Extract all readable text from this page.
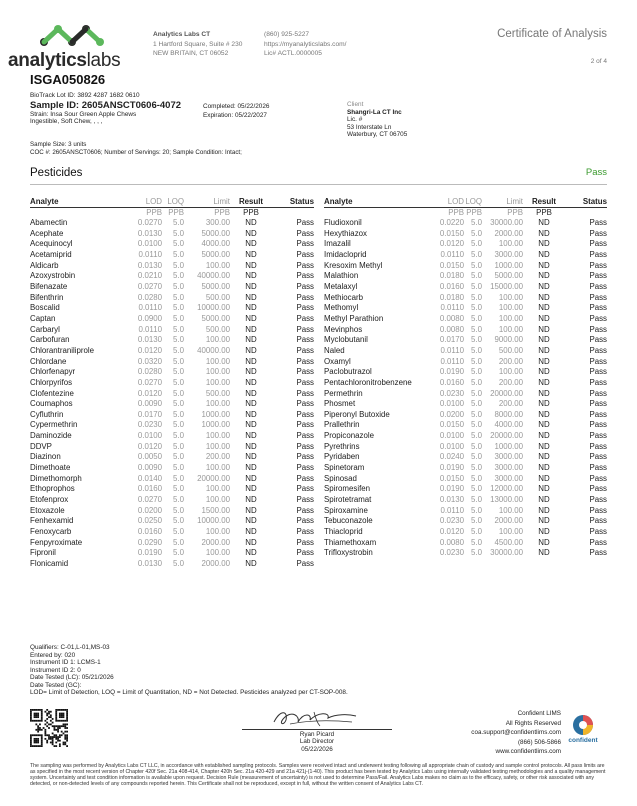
analyticslabs
Analytics Labs CT
1 Hartford Square, Suite # 230
NEW BRITAIN, CT 06052
(860) 925-5227
https://myanalyticslabs.com/
Lic# ACTL.0000005
Certificate of Analysis
2 of 4
ISGA050826
BioTrack Lot ID: 3892 4287 1682 0610
Sample ID: 2605ANSCT0606-4072
Strain: Insa Sour Green Apple Chews
Ingestible, Soft Chew, , , ,
Completed: 05/22/2026
Expiration: 05/22/2027
Client
Shangri-La CT Inc
Lic. #
53 Interstate Ln
Waterbury, CT 06705
Sample Size: 3 units
COC #: 2605ANSCT0606; Number of Servings: 20; Sample Condition: Intact;
Pesticides	Pass
Analyte	LOD	LOQ	Limit	Result	Status
	PPB	PPB	PPB	PPB	
Abamectin	0.0270	5.0	300.00	ND	Pass
Acephate	0.0130	5.0	5000.00	ND	Pass
Acequinocyl	0.0100	5.0	4000.00	ND	Pass
Acetamiprid	0.0110	5.0	5000.00	ND	Pass
Aldicarb	0.0130	5.0	100.00	ND	Pass
Azoxystrobin	0.0210	5.0	40000.00	ND	Pass
Bifenazate	0.0270	5.0	5000.00	ND	Pass
Bifenthrin	0.0280	5.0	500.00	ND	Pass
Boscalid	0.0110	5.0	10000.00	ND	Pass
Captan	0.0900	5.0	5000.00	ND	Pass
Carbaryl	0.0110	5.0	500.00	ND	Pass
Carbofuran	0.0130	5.0	100.00	ND	Pass
Chlorantraniliprole	0.0120	5.0	40000.00	ND	Pass
Chlordane	0.0320	5.0	100.00	ND	Pass
Chlorfenapyr	0.0280	5.0	100.00	ND	Pass
Chlorpyrifos	0.0270	5.0	100.00	ND	Pass
Clofentezine	0.0120	5.0	500.00	ND	Pass
Coumaphos	0.0090	5.0	100.00	ND	Pass
Cyfluthrin	0.0170	5.0	1000.00	ND	Pass
Cypermethrin	0.0230	5.0	1000.00	ND	Pass
Daminozide	0.0100	5.0	100.00	ND	Pass
DDVP	0.0120	5.0	100.00	ND	Pass
Diazinon	0.0050	5.0	200.00	ND	Pass
Dimethoate	0.0090	5.0	100.00	ND	Pass
Dimethomorph	0.0140	5.0	20000.00	ND	Pass
Ethoprophos	0.0160	5.0	100.00	ND	Pass
Etofenprox	0.0270	5.0	100.00	ND	Pass
Etoxazole	0.0200	5.0	1500.00	ND	Pass
Fenhexamid	0.0250	5.0	10000.00	ND	Pass
Fenoxycarb	0.0160	5.0	100.00	ND	Pass
Fenpyroximate	0.0290	5.0	2000.00	ND	Pass
Fipronil	0.0190	5.0	100.00	ND	Pass
Flonicamid	0.0130	5.0	2000.00	ND	Pass
Analyte	LOD	LOQ	Limit	Result	Status
	PPB	PPB	PPB	PPB	
Fludioxonil	0.0220	5.0	30000.00	ND	Pass
Hexythiazox	0.0150	5.0	2000.00	ND	Pass
Imazalil	0.0120	5.0	100.00	ND	Pass
Imidacloprid	0.0110	5.0	3000.00	ND	Pass
Kresoxim Methyl	0.0150	5.0	1000.00	ND	Pass
Malathion	0.0180	5.0	5000.00	ND	Pass
Metalaxyl	0.0160	5.0	15000.00	ND	Pass
Methiocarb	0.0180	5.0	100.00	ND	Pass
Methomyl	0.0110	5.0	100.00	ND	Pass
Methyl Parathion	0.0080	5.0	100.00	ND	Pass
Mevinphos	0.0080	5.0	100.00	ND	Pass
Myclobutanil	0.0170	5.0	9000.00	ND	Pass
Naled	0.0110	5.0	500.00	ND	Pass
Oxamyl	0.0110	5.0	200.00	ND	Pass
Paclobutrazol	0.0190	5.0	100.00	ND	Pass
Pentachloronitrobenzene	0.0160	5.0	200.00	ND	Pass
Permethrin	0.0230	5.0	20000.00	ND	Pass
Phosmet	0.0100	5.0	200.00	ND	Pass
Piperonyl Butoxide	0.0200	5.0	8000.00	ND	Pass
Prallethrin	0.0150	5.0	4000.00	ND	Pass
Propiconazole	0.0100	5.0	20000.00	ND	Pass
Pyrethrins	0.0100	5.0	1000.00	ND	Pass
Pyridaben	0.0240	5.0	3000.00	ND	Pass
Spinetoram	0.0190	5.0	3000.00	ND	Pass
Spinosad	0.0150	5.0	3000.00	ND	Pass
Spiromesifen	0.0190	5.0	12000.00	ND	Pass
Spirotetramat	0.0130	5.0	13000.00	ND	Pass
Spiroxamine	0.0110	5.0	100.00	ND	Pass
Tebuconazole	0.0230	5.0	2000.00	ND	Pass
Thiacloprid	0.0120	5.0	100.00	ND	Pass
Thiamethoxam	0.0080	5.0	4500.00	ND	Pass
Trifloxystrobin	0.0230	5.0	30000.00	ND	Pass
Qualifiers: C-01,L-01,MS-03
Entered by: 020
Instrument ID 1: LCMS-1
Instrument ID 2: 0
Date Tested (LC): 05/21/2026
Date Tested (GC):
LOD= Limit of Detection, LOQ = Limit of Quantitation, ND = Not Detected. Pesticides analyzed per CT-SOP-008.
Ryan Picard
Lab Director
05/22/2026
Confident LIMS
All Rights Reserved
coa.support@confidentlims.com
(866) 506-5866
www.confidentlims.com
confident
The sampling was performed by Analytics Labs CT LLC, in accordance with established sampling protocols. Samples were received intact and underwent testing following all appropriate chain of custody and sample control protocols. All pass limits are as specified in the most recent version of Chapter 420f Sec. 21a 408-414, Chapter 420h Sec. 21a 420-429 and 21a 421j-(1-40). This product has been tested by Analytics Labs using internally validated testing methodologies and a quality management system. Uncertainty and test condition information is available upon request. Decision Rule (measurement of uncertainty) is not used to determine Pass/Fail. Analytics Labs makes no claim as to the efficacy, safety, or other risk associated with any detected, or non-detected levels of any compounds reported herein. This Certificate shall not be reproduced, except in full, without the written consent of Analytics Labs CT.
